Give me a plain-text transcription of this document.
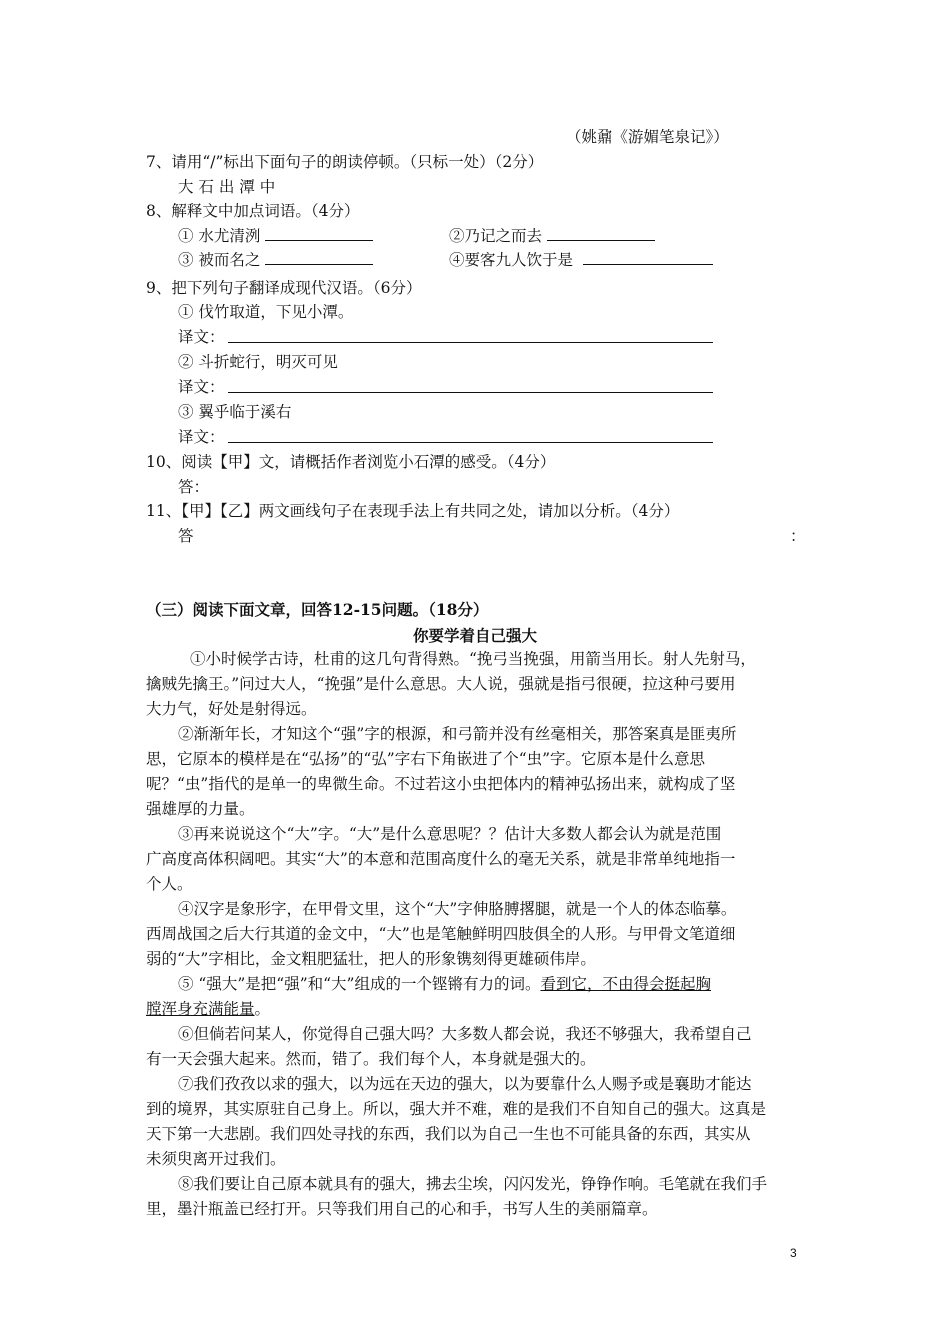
（姚鼐《游媚笔泉记》）
7、请用“/”标出下面句子的朗读停顿。（只标一处）（2分）
大 石 出 潭 中
8、解释文中加点词语。（4分）
① 水尤清洌	②乃记之而去
③ 被而名之	④要客九人饮于是
9、把下列句子翻译成现代汉语。（6分）
① 伐竹取道，下见小潭。
译文：
② 斗折蛇行，明灭可见
译文：
③ 翼乎临于溪右
译文：
10、阅读【甲】文，请概括作者浏览小石潭的感受。（4分）
答：
11、【甲】【乙】两文画线句子在表现手法上有共同之处，请加以分析。（4分）
答	：
（三）阅读下面文章，回答12-15问题。（18分）
你要学着自己强大
①小时候学古诗，杜甫的这几句背得熟。“挽弓当挽强，用箭当用长。射人先射马，
擒贼先擒王。”问过大人，“挽强”是什么意思。大人说，强就是指弓很硬，拉这种弓要用
大力气，好处是射得远。
②渐渐年长，才知这个“强”字的根源，和弓箭并没有丝毫相关，那答案真是匪夷所
思，它原本的模样是在“弘扬”的“弘”字右下角嵌进了个“虫”字。它原本是什么意思
呢？“虫”指代的是单一的卑微生命。不过若这小虫把体内的精神弘扬出来，就构成了坚
强雄厚的力量。
③再来说说这个“大”字。“大”是什么意思呢？？估计大多数人都会认为就是范围
广高度高体积阔吧。其实“大”的本意和范围高度什么的毫无关系，就是非常单纯地指一
个人。
④汉字是象形字，在甲骨文里，这个“大”字伸胳膊撂腿，就是一个人的体态临摹。
西周战国之后大行其道的金文中，“大”也是笔触鲜明四肢俱全的人形。与甲骨文笔道细
弱的“大”字相比，金文粗肥猛壮，把人的形象镌刻得更雄硕伟岸。
⑤ “强大”是把“强”和“大”组成的一个铿锵有力的词。看到它，不由得会挺起胸
膛浑身充满能量。
⑥但倘若问某人，你觉得自己强大吗？大多数人都会说，我还不够强大，我希望自己
有一天会强大起来。然而，错了。我们每个人，本身就是强大的。
⑦我们孜孜以求的强大，以为远在天边的强大，以为要靠什么人赐予或是襄助才能达
到的境界，其实原驻自己身上。所以，强大并不难，难的是我们不自知自己的强大。这真是
天下第一大悲剧。我们四处寻找的东西，我们以为自己一生也不可能具备的东西，其实从
未须臾离开过我们。
⑧我们要让自己原本就具有的强大，拂去尘埃，闪闪发光，铮铮作响。毛笔就在我们手
里，墨汁瓶盖已经打开。只等我们用自己的心和手，书写人生的美丽篇章。
3
